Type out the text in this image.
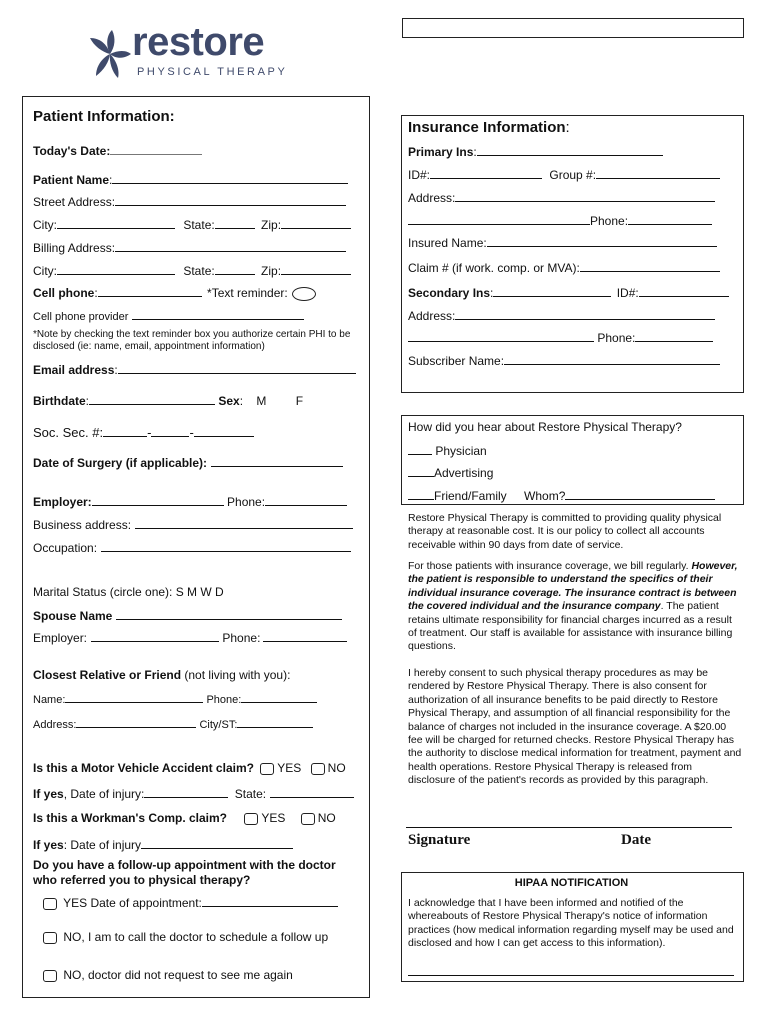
restore
PHYSICAL THERAPY
Patient Information:
Today's Date:
Patient Name:
Street Address:
City:	State:	Zip:
Billing Address:
City:	State:	Zip:
Cell phone:	*Text reminder:
Cell phone provider
*Note by checking the text reminder box you authorize certain PHI to be
disclosed (ie: name, email, appointment information)
Email address:
Birthdate:	Sex: M F
Soc. Sec. #:	-	-
Date of Surgery (if applicable):
Employer:	Phone:
Business address:
Occupation:
Marital Status (circle one): S M W D
Spouse Name
Employer:	Phone:
Closest Relative or Friend (not living with you):
Name:	Phone:
Address:	City/ST:
Is this a Motor Vehicle Accident claim? YES NO
If yes, Date of injury:	State:
Is this a Workman's Comp. claim?	YES	NO
If yes: Date of injury
Do you have a follow-up appointment with the doctor
who referred you to physical therapy?
YES Date of appointment:
NO, I am to call the doctor to schedule a follow up
NO, doctor did not request to see me again
Insurance Information:
Primary Ins:
ID#:	Group #:
Address:
Phone:
Insured Name:
Claim # (if work. comp. or MVA):
Secondary Ins:	ID#:
Address:
Phone:
Subscriber Name:
How did you hear about Restore Physical Therapy?
Physician
Advertising
Friend/Family Whom?
Restore Physical Therapy is committed to providing quality physical therapy at reasonable cost. It is our policy to collect all accounts receivable within 90 days from date of service.
For those patients with insurance coverage, we bill regularly. However, the patient is responsible to understand the specifics of their individual insurance coverage. The insurance contract is between the covered individual and the insurance company. The patient retains ultimate responsibility for financial charges incurred as a result of treatment. Our staff is available for assistance with insurance billing questions.
I hereby consent to such physical therapy procedures as may be rendered by Restore Physical Therapy. There is also consent for authorization of all insurance benefits to be paid directly to Restore Physical Therapy, and assumption of all financial responsibility for the balance of charges not included in the insurance coverage. A $20.00 fee will be charged for returned checks. Restore Physical Therapy has the authority to disclose medical information for treatment, payment and health operations. Restore Physical Therapy is released from disclosure of the patient's records as provided by this paragraph.
Signature	Date
HIPAA NOTIFICATION
I acknowledge that I have been informed and notified of the whereabouts of Restore Physical Therapy's notice of information practices (how medical information regarding myself may be used and disclosed and how I can get access to this information).
